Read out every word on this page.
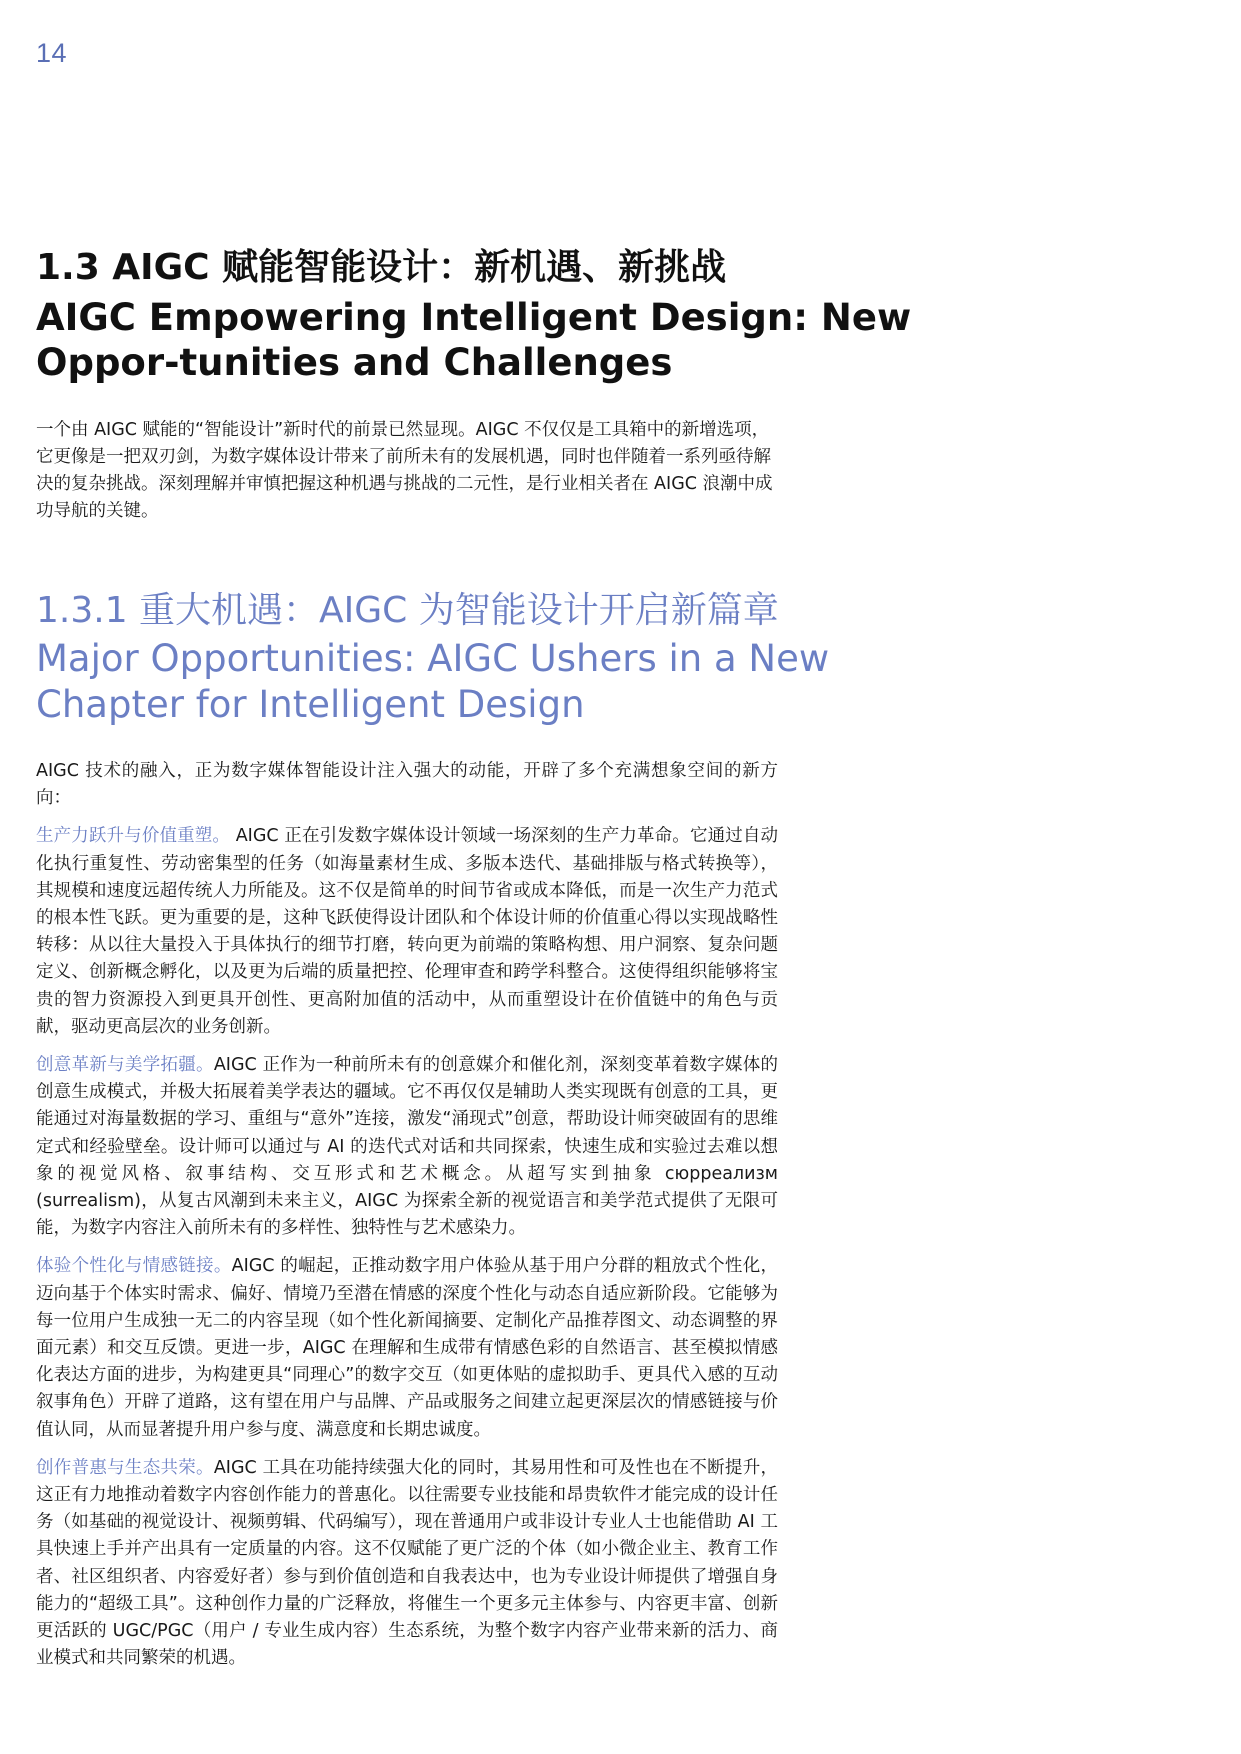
14
1.3 AIGC 赋能智能设计：新机遇、新挑战
AIGC Empowering Intelligent Design: New Oppor-tunities and Challenges

一个由 AIGC 赋能的“智能设计”新时代的前景已然显现。AIGC 不仅仅是工具箱中的新增选项，它更像是一把双刃剑，为数字媒体设计带来了前所未有的发展机遇，同时也伴随着一系列亟待解决的复杂挑战。深刻理解并审慎把握这种机遇与挑战的二元性，是行业相关者在 AIGC 浪潮中成功导航的关键。

1.3.1 重大机遇：AIGC 为智能设计开启新篇章
Major Opportunities: AIGC Ushers in a New Chapter for Intelligent Design

AIGC 技术的融入，正为数字媒体智能设计注入强大的动能，开辟了多个充满想象空间的新方向：

生产力跃升与价值重塑。 AIGC 正在引发数字媒体设计领域一场深刻的生产力革命。它通过自动化执行重复性、劳动密集型的任务（如海量素材生成、多版本迭代、基础排版与格式转换等），其规模和速度远超传统人力所能及。这不仅是简单的时间节省或成本降低，而是一次生产力范式的根本性飞跃。更为重要的是，这种飞跃使得设计团队和个体设计师的价值重心得以实现战略性转移：从以往大量投入于具体执行的细节打磨，转向更为前端的策略构想、用户洞察、复杂问题定义、创新概念孵化，以及更为后端的质量把控、伦理审查和跨学科整合。这使得组织能够将宝贵的智力资源投入到更具开创性、更高附加值的活动中，从而重塑设计在价值链中的角色与贡献，驱动更高层次的业务创新。

创意革新与美学拓疆。AIGC 正作为一种前所未有的创意媒介和催化剂，深刻变革着数字媒体的创意生成模式，并极大拓展着美学表达的疆域。它不再仅仅是辅助人类实现既有创意的工具，更能通过对海量数据的学习、重组与“意外”连接，激发“涌现式”创意，帮助设计师突破固有的思维定式和经验壁垒。设计师可以通过与 AI 的迭代式对话和共同探索，快速生成和实验过去难以想象的视觉风格、叙事结构、交互形式和艺术概念。从超写实到抽象 сюрреализм (surrealism)，从复古风潮到未来主义，AIGC 为探索全新的视觉语言和美学范式提供了无限可能，为数字内容注入前所未有的多样性、独特性与艺术感染力。

体验个性化与情感链接。AIGC 的崛起，正推动数字用户体验从基于用户分群的粗放式个性化，迈向基于个体实时需求、偏好、情境乃至潜在情感的深度个性化与动态自适应新阶段。它能够为每一位用户生成独一无二的内容呈现（如个性化新闻摘要、定制化产品推荐图文、动态调整的界面元素）和交互反馈。更进一步，AIGC 在理解和生成带有情感色彩的自然语言、甚至模拟情感化表达方面的进步，为构建更具“同理心”的数字交互（如更体贴的虚拟助手、更具代入感的互动叙事角色）开辟了道路，这有望在用户与品牌、产品或服务之间建立起更深层次的情感链接与价值认同，从而显著提升用户参与度、满意度和长期忠诚度。

创作普惠与生态共荣。AIGC 工具在功能持续强大化的同时，其易用性和可及性也在不断提升，这正有力地推动着数字内容创作能力的普惠化。以往需要专业技能和昂贵软件才能完成的设计任务（如基础的视觉设计、视频剪辑、代码编写），现在普通用户或非设计专业人士也能借助 AI 工具快速上手并产出具有一定质量的内容。这不仅赋能了更广泛的个体（如小微企业主、教育工作者、社区组织者、内容爱好者）参与到价值创造和自我表达中，也为专业设计师提供了增强自身能力的“超级工具”。这种创作力量的广泛释放，将催生一个更多元主体参与、内容更丰富、创新更活跃的 UGC/PGC（用户 / 专业生成内容）生态系统，为整个数字内容产业带来新的活力、商业模式和共同繁荣的机遇。
